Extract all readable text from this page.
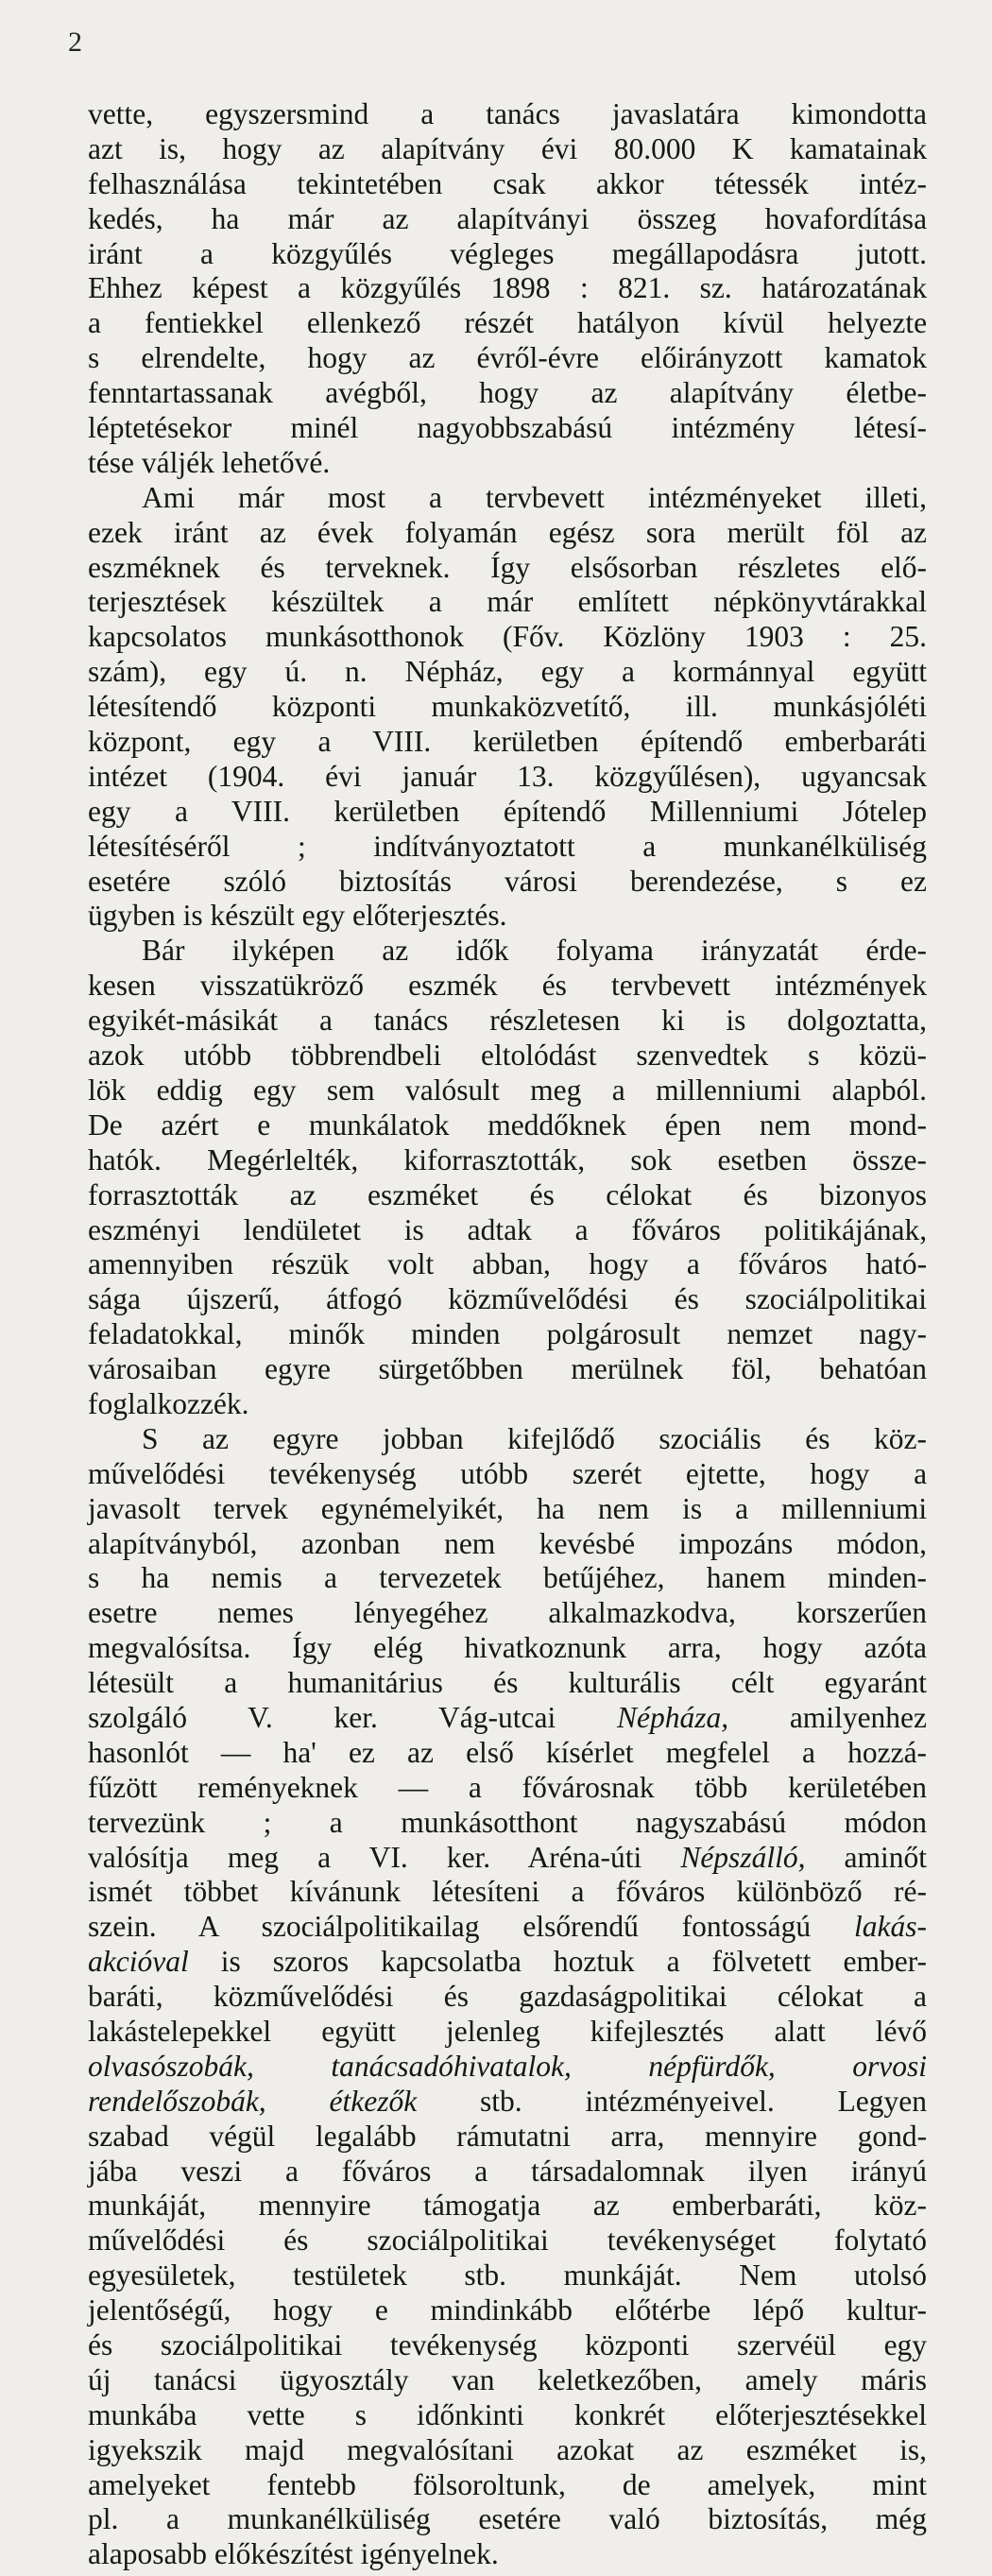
2
vette, egyszersmind a tanács javaslatára kimondotta
azt is, hogy az alapítvány évi 80.000 K kamatainak
felhasználása tekintetében csak akkor tétessék intéz-
kedés, ha már az alapítványi összeg hovafordítása
iránt a közgyűlés végleges megállapodásra jutott.
Ehhez képest a közgyűlés 1898 : 821. sz. határozatának
a fentiekkel ellenkező részét hatályon kívül helyezte
s elrendelte, hogy az évről-évre előirányzott kamatok
fenntartassanak avégből, hogy az alapítvány életbe-
léptetésekor minél nagyobbszabású intézmény létesí-
tése váljék lehetővé.
Ami már most a tervbevett intézményeket illeti,
ezek iránt az évek folyamán egész sora merült föl az
eszméknek és terveknek. Így elsősorban részletes elő-
terjesztések készültek a már említett népkönyvtárakkal
kapcsolatos munkásotthonok (Főv. Közlöny 1903 : 25.
szám), egy ú. n. Népház, egy a kormánnyal együtt
létesítendő központi munkaközvetítő, ill. munkásjóléti
központ, egy a VIII. kerületben építendő emberbaráti
intézet (1904. évi január 13. közgyűlésen), ugyancsak
egy a VIII. kerületben építendő Millenniumi Jótelep
létesítéséről ; indítványoztatott a munkanélküliség
esetére szóló biztosítás városi berendezése, s ez
ügyben is készült egy előterjesztés.
Bár ilyképen az idők folyama irányzatát érde-
kesen visszatükröző eszmék és tervbevett intézmények
egyikét-másikát a tanács részletesen ki is dolgoztatta,
azok utóbb többrendbeli eltolódást szenvedtek s közü-
lök eddig egy sem valósult meg a millenniumi alapból.
De azért e munkálatok meddőknek épen nem mond-
hatók. Megérlelték, kiforrasztották, sok esetben össze-
forrasztották az eszméket és célokat és bizonyos
eszményi lendületet is adtak a főváros politikájának,
amennyiben részük volt abban, hogy a főváros ható-
sága újszerű, átfogó közművelődési és szociálpolitikai
feladatokkal, minők minden polgárosult nemzet nagy-
városaiban egyre sürgetőbben merülnek föl, behatóan
foglalkozzék.
S az egyre jobban kifejlődő szociális és köz-
művelődési tevékenység utóbb szerét ejtette, hogy a
javasolt tervek egynémelyikét, ha nem is a millenniumi
alapítványból, azonban nem kevésbé impozáns módon,
s ha nemis a tervezetek betűjéhez, hanem minden-
esetre nemes lényegéhez alkalmazkodva, korszerűen
megvalósítsa. Így elég hivatkoznunk arra, hogy azóta
létesült a humanitárius és kulturális célt egyaránt
szolgáló V. ker. Vág-utcai Népháza, amilyenhez
hasonlót — ha' ez az első kísérlet megfelel a hozzá-
fűzött reményeknek — a fővárosnak több kerületében
tervezünk ; a munkásotthont nagyszabású módon
valósítja meg a VI. ker. Aréna-úti Népszálló, aminőt
ismét többet kívánunk létesíteni a főváros különböző ré-
szein. A szociálpolitikailag elsőrendű fontosságú lakás-
akcióval is szoros kapcsolatba hoztuk a fölvetett ember-
baráti, közművelődési és gazdaságpolitikai célokat a
lakástelepekkel együtt jelenleg kifejlesztés alatt lévő
olvasószobák,	tanácsadóhivatalok,	népfürdők,	orvosi
rendelőszobák, étkezők stb. intézményeivel. Legyen
szabad végül legalább rámutatni arra, mennyire gond-
jába veszi a főváros a társadalomnak ilyen irányú
munkáját, mennyire támogatja az emberbaráti, köz-
művelődési és szociálpolitikai tevékenységet folytató
egyesületek, testületek stb. munkáját. Nem utolsó
jelentőségű, hogy e mindinkább előtérbe lépő kultur-
és szociálpolitikai tevékenység központi szervéül egy
új tanácsi ügyosztály van keletkezőben, amely máris
munkába vette s időnkinti konkrét előterjesztésekkel
igyekszik majd megvalósítani azokat az eszméket is,
amelyeket fentebb fölsoroltunk, de amelyek, mint
pl. a munkanélküliség esetére való biztosítás, még
alaposabb előkészítést igényelnek.
